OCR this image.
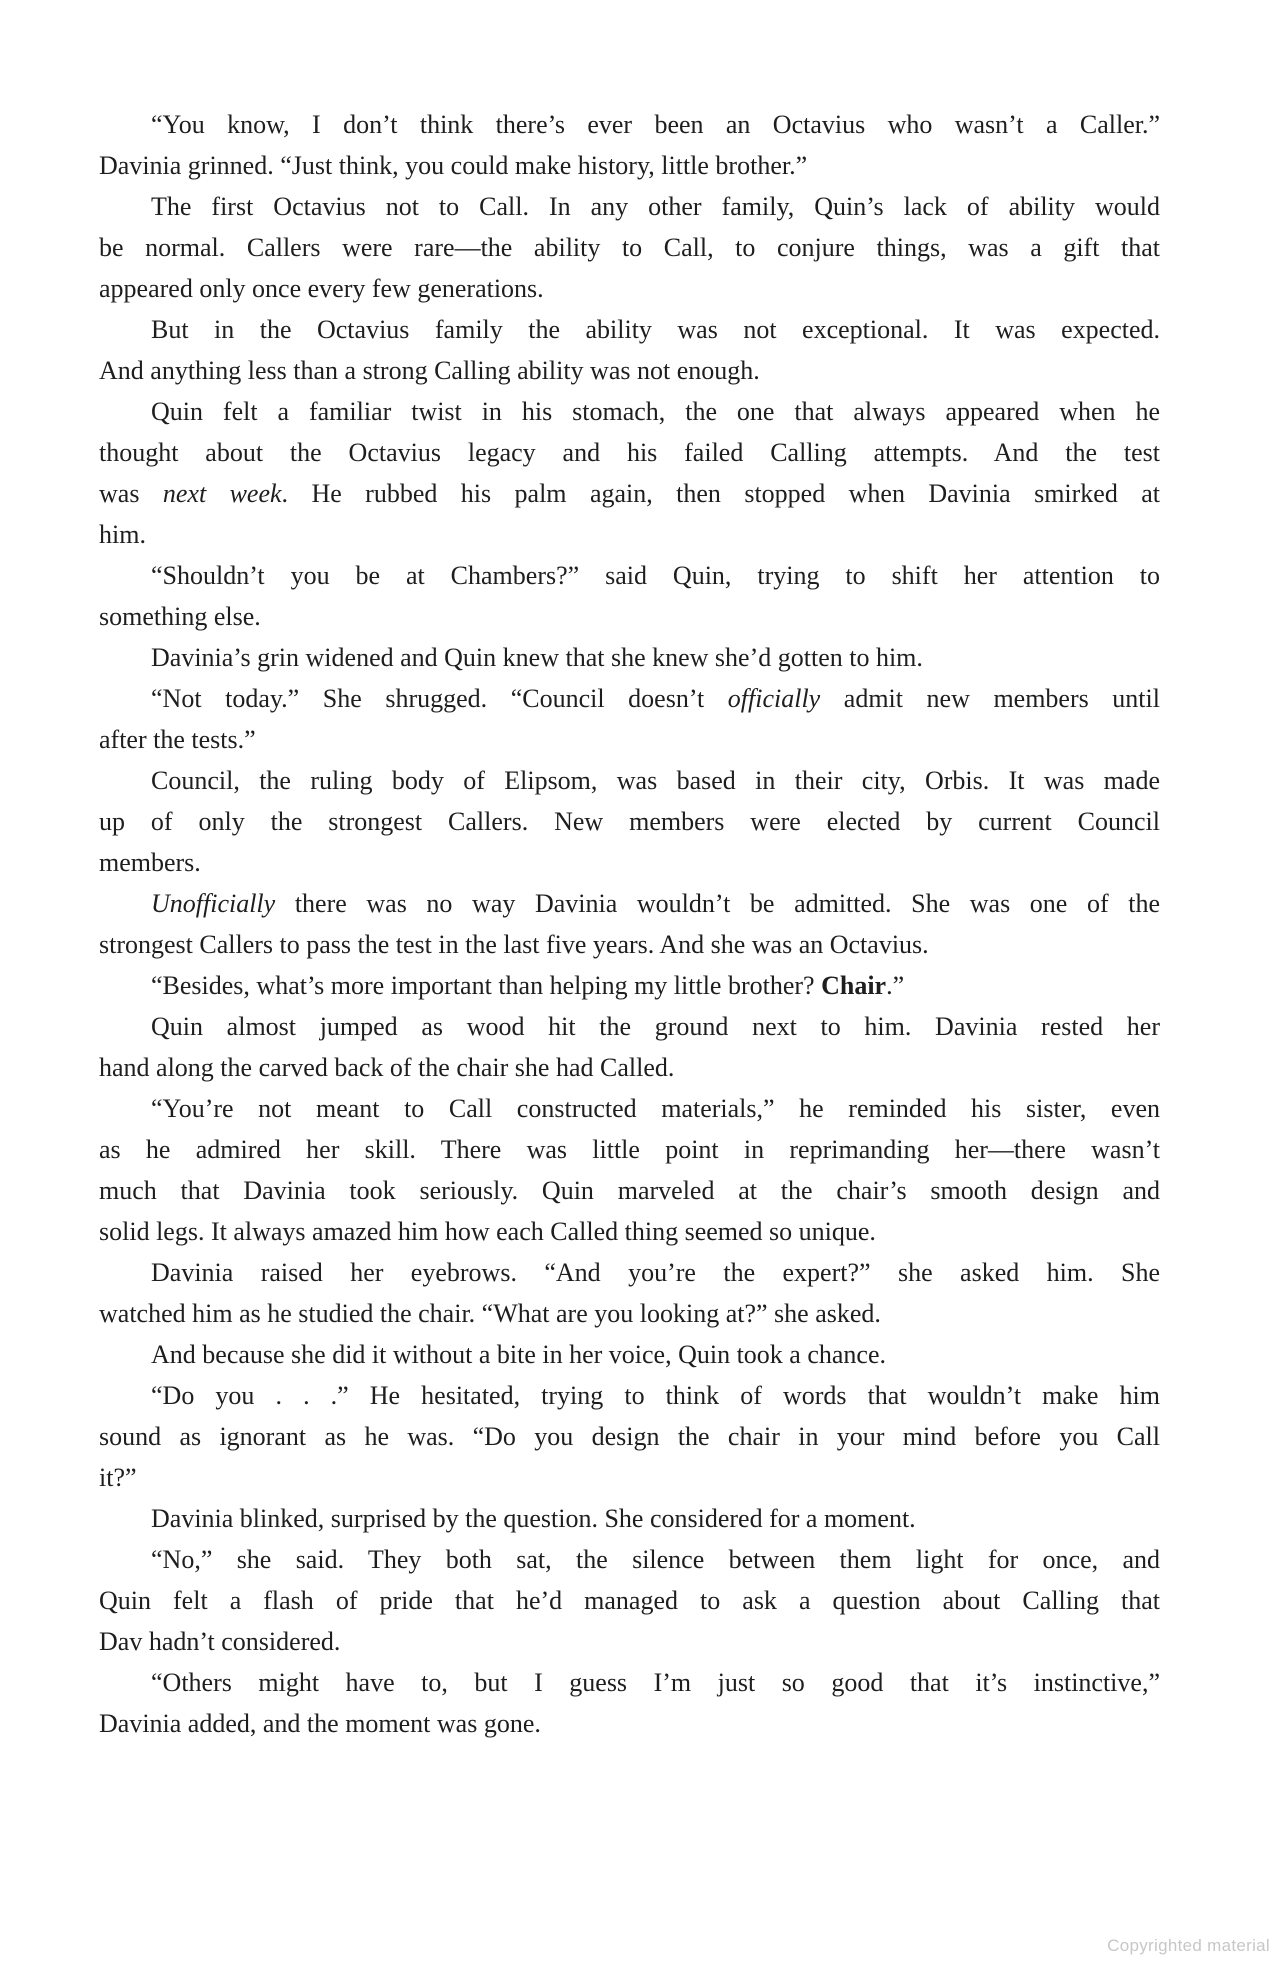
“You know, I don’t think there’s ever been an Octavius who wasn’t a Caller.”
Davinia grinned. “Just think, you could make history, little brother.”
The first Octavius not to Call. In any other family, Quin’s lack of ability would
be normal. Callers were rare—the ability to Call, to conjure things, was a gift that
appeared only once every few generations.
But in the Octavius family the ability was not exceptional. It was expected.
And anything less than a strong Calling ability was not enough.
Quin felt a familiar twist in his stomach, the one that always appeared when he
thought about the Octavius legacy and his failed Calling attempts. And the test
was next week. He rubbed his palm again, then stopped when Davinia smirked at
him.
“Shouldn’t you be at Chambers?” said Quin, trying to shift her attention to
something else.
Davinia’s grin widened and Quin knew that she knew she’d gotten to him.
“Not today.” She shrugged. “Council doesn’t officially admit new members until
after the tests.”
Council, the ruling body of Elipsom, was based in their city, Orbis. It was made
up of only the strongest Callers. New members were elected by current Council
members.
Unofficially there was no way Davinia wouldn’t be admitted. She was one of the
strongest Callers to pass the test in the last five years. And she was an Octavius.
“Besides, what’s more important than helping my little brother? Chair.”
Quin almost jumped as wood hit the ground next to him. Davinia rested her
hand along the carved back of the chair she had Called.
“You’re not meant to Call constructed materials,” he reminded his sister, even
as he admired her skill. There was little point in reprimanding her—there wasn’t
much that Davinia took seriously. Quin marveled at the chair’s smooth design and
solid legs. It always amazed him how each Called thing seemed so unique.
Davinia raised her eyebrows. “And you’re the expert?” she asked him. She
watched him as he studied the chair. “What are you looking at?” she asked.
And because she did it without a bite in her voice, Quin took a chance.
“Do you . . .” He hesitated, trying to think of words that wouldn’t make him
sound as ignorant as he was. “Do you design the chair in your mind before you Call
it?”
Davinia blinked, surprised by the question. She considered for a moment.
“No,” she said. They both sat, the silence between them light for once, and
Quin felt a flash of pride that he’d managed to ask a question about Calling that
Dav hadn’t considered.
“Others might have to, but I guess I’m just so good that it’s instinctive,”
Davinia added, and the moment was gone.
Copyrighted material
